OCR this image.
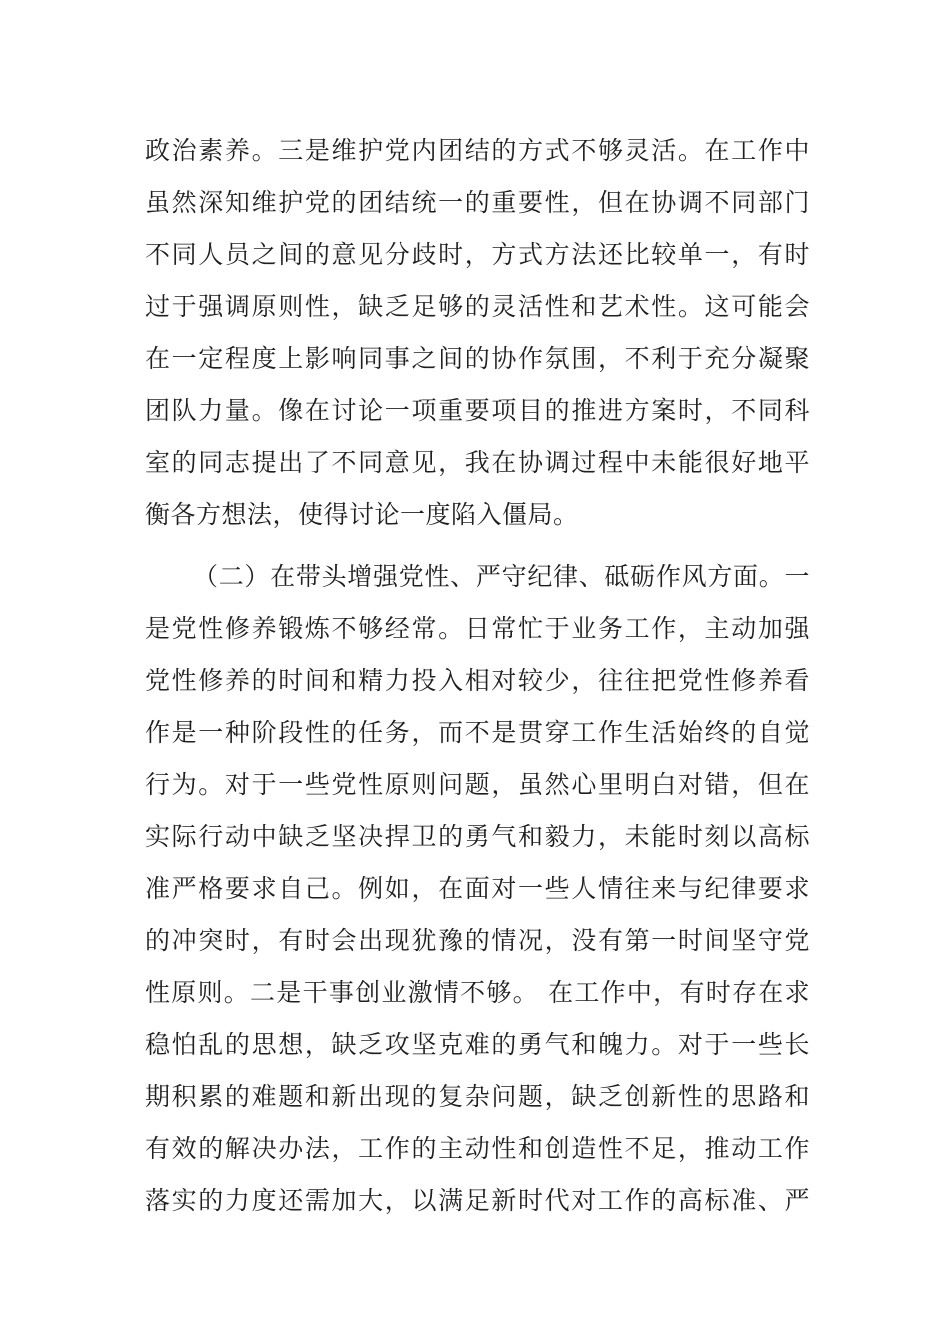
政治素养。三是维护党内团结的方式不够灵活。在工作中
虽然深知维护党的团结统一的重要性，但在协调不同部门
不同人员之间的意见分歧时，方式方法还比较单一，有时
过于强调原则性，缺乏足够的灵活性和艺术性。这可能会
在一定程度上影响同事之间的协作氛围，不利于充分凝聚
团队力量。像在讨论一项重要项目的推进方案时，不同科
室的同志提出了不同意见，我在协调过程中未能很好地平
衡各方想法，使得讨论一度陷入僵局。
（二）在带头增强党性、严守纪律、砥砺作风方面。一
是党性修养锻炼不够经常。日常忙于业务工作，主动加强
党性修养的时间和精力投入相对较少，往往把党性修养看
作是一种阶段性的任务，而不是贯穿工作生活始终的自觉
行为。对于一些党性原则问题，虽然心里明白对错，但在
实际行动中缺乏坚决捍卫的勇气和毅力，未能时刻以高标
准严格要求自己。例如，在面对一些人情往来与纪律要求
的冲突时，有时会出现犹豫的情况，没有第一时间坚守党
性原则。二是干事创业激情不够。 在工作中，有时存在求
稳怕乱的思想，缺乏攻坚克难的勇气和魄力。对于一些长
期积累的难题和新出现的复杂问题，缺乏创新性的思路和
有效的解决办法，工作的主动性和创造性不足，推动工作
落实的力度还需加大，以满足新时代对工作的高标准、严
